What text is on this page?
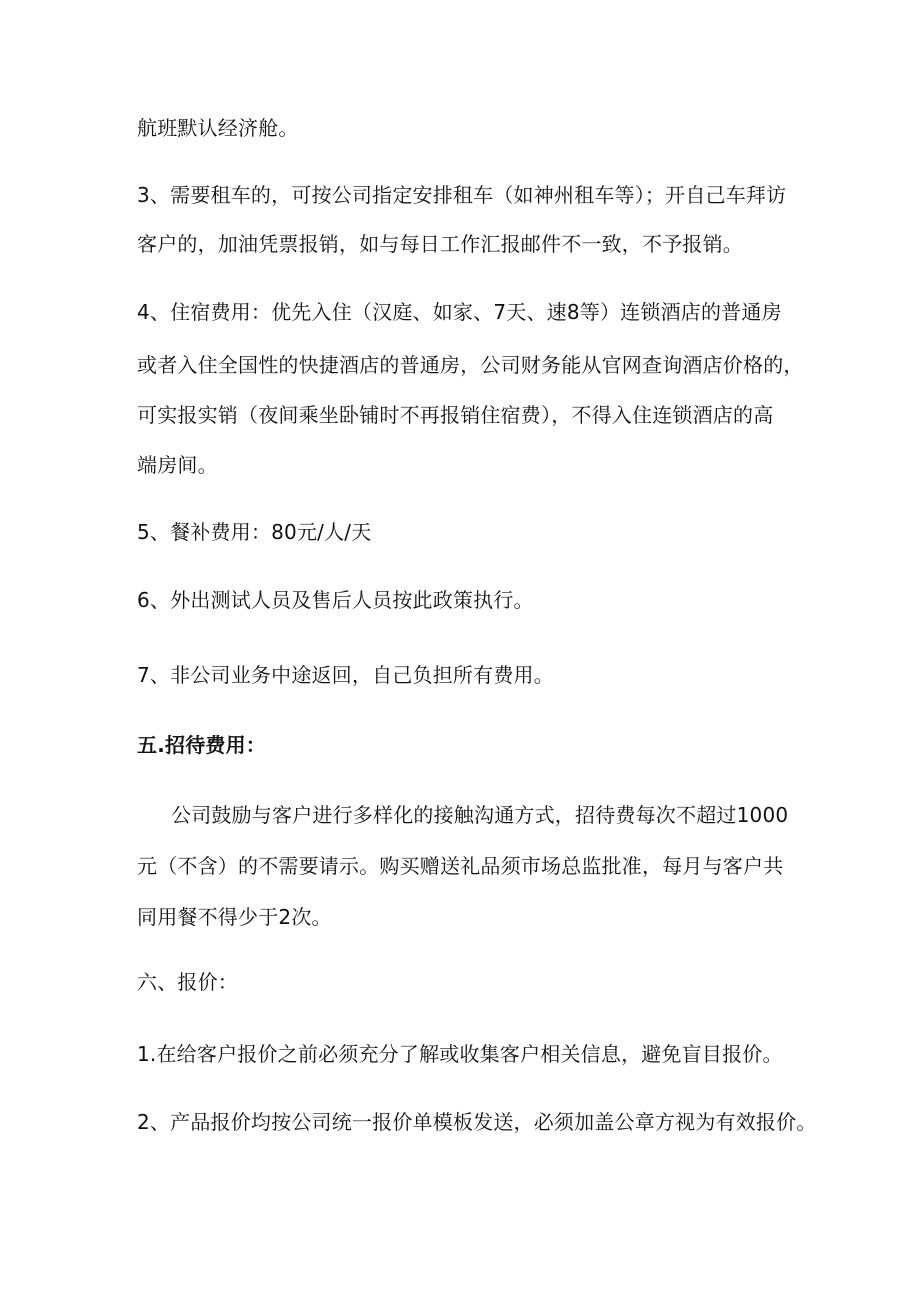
航班默认经济舱。
3、需要租车的，可按公司指定安排租车（如神州租车等）；开自己车拜访
客户的，加油凭票报销，如与每日工作汇报邮件不一致，不予报销。
4、住宿费用：优先入住（汉庭、如家、7天、速8等）连锁酒店的普通房
或者入住全国性的快捷酒店的普通房，公司财务能从官网查询酒店价格的，
可实报实销（夜间乘坐卧铺时不再报销住宿费），不得入住连锁酒店的高
端房间。
5、餐补费用：80元/人/天
6、外出测试人员及售后人员按此政策执行。
7、非公司业务中途返回，自己负担所有费用。
五.招待费用：
公司鼓励与客户进行多样化的接触沟通方式，招待费每次不超过1000
元（不含）的不需要请示。购买赠送礼品须市场总监批准，每月与客户共
同用餐不得少于2次。
六、报价：
1.在给客户报价之前必须充分了解或收集客户相关信息，避免盲目报价。
2、产品报价均按公司统一报价单模板发送，必须加盖公章方视为有效报价。
